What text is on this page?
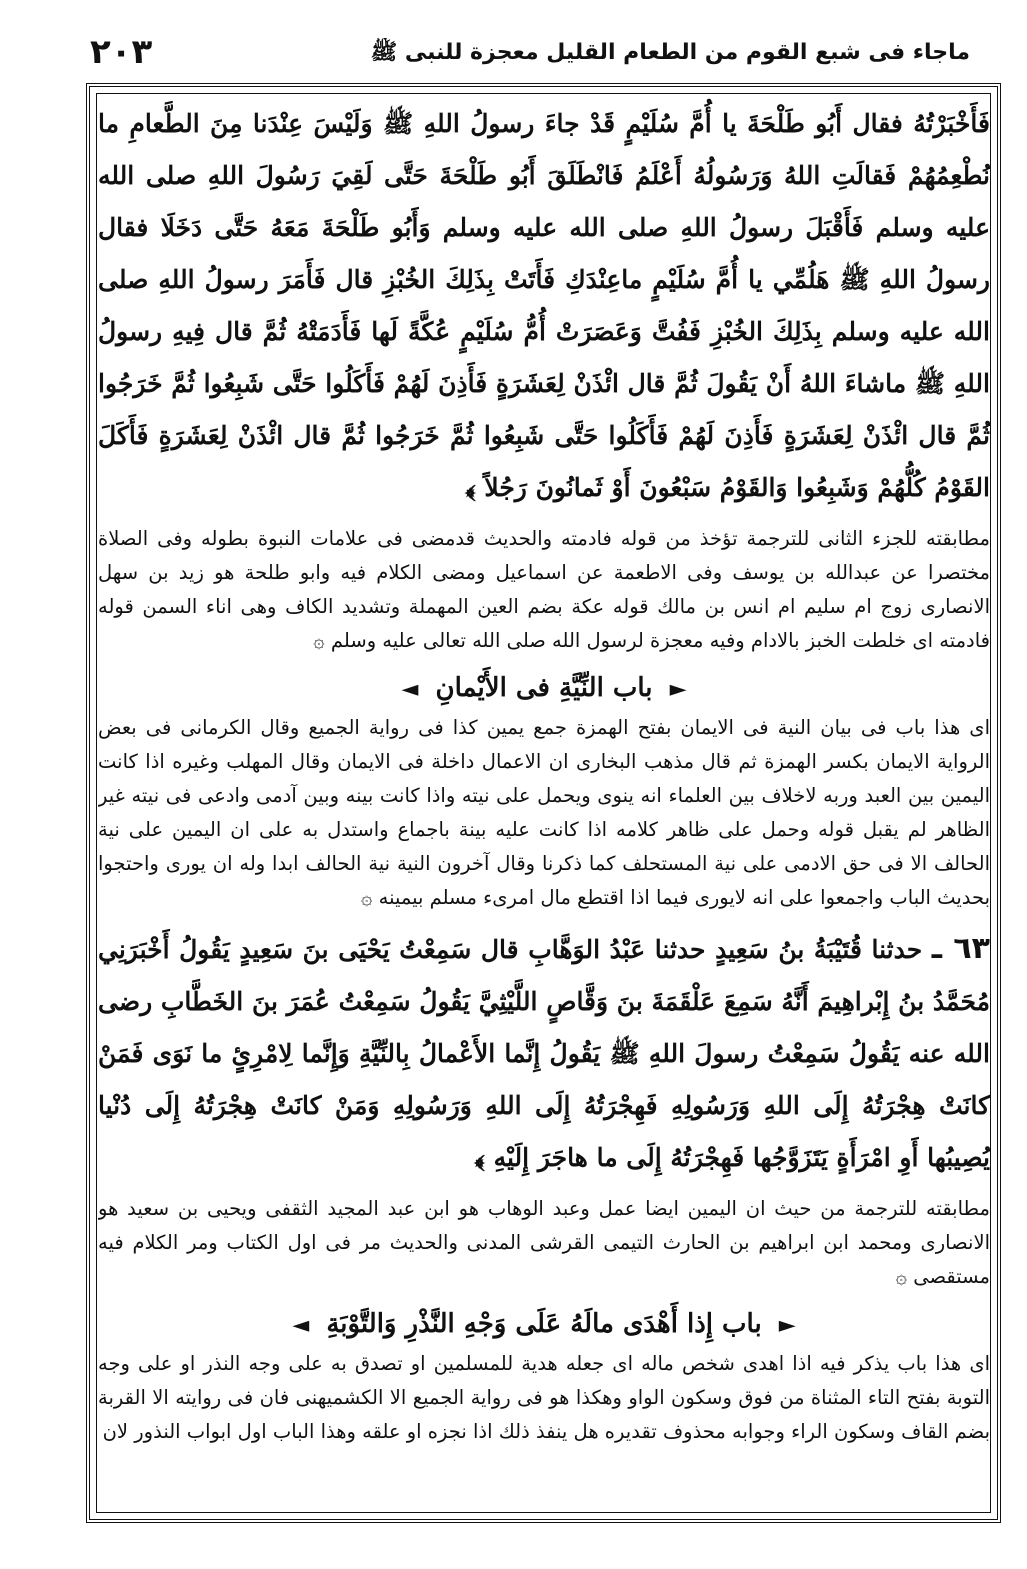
٢٠٣	ماجاء فی شبع القوم من الطعام القلیل معجزة للنبی ﷺ

فَأَخْبَرْتُهُ فقال أَبُو طَلْحَةَ يا أُمَّ سُلَيْمٍ قَدْ جاءَ رسولُ اللهِ ﷺ وَلَيْسَ عِنْدَنا مِنَ الطَّعامِ ما نُطْعِمُهُمْ فَقالَتِ اللهُ وَرَسُولُهُ أَعْلَمُ فَانْطَلَقَ أَبُو طَلْحَةَ حَتَّى لَقِيَ رَسُولَ اللهِ صلى الله عليه وسلم فَأَقْبَلَ رسولُ اللهِ صلى الله عليه وسلم وَأَبُو طَلْحَةَ مَعَهُ حَتَّى دَخَلَا فقال رسولُ اللهِ ﷺ هَلُمِّي يا أُمَّ سُلَيْمٍ ماعِنْدَكِ فَأَتَتْ بِذَلِكَ الخُبْزِ قال فَأَمَرَ رسولُ اللهِ صلى الله عليه وسلم بِذَلِكَ الخُبْزِ فَفُتَّ وَعَصَرَتْ أُمُّ سُلَيْمٍ عُكَّةً لَها فَأَدَمَتْهُ ثُمَّ قال فِيهِ رسولُ اللهِ ﷺ ماشاءَ اللهُ أَنْ يَقُولَ ثُمَّ قال ائْذَنْ لِعَشَرَةٍ فَأَذِنَ لَهُمْ فَأَكَلُوا حَتَّى شَبِعُوا ثُمَّ خَرَجُوا ثُمَّ قال ائْذَنْ لِعَشَرَةٍ فَأَذِنَ لَهُمْ فَأَكَلُوا حَتَّى شَبِعُوا ثُمَّ خَرَجُوا ثُمَّ قال ائْذَنْ لِعَشَرَةٍ فَأَكَلَ القَوْمُ كُلُّهُمْ وَشَبِعُوا وَالقَوْمُ سَبْعُونَ أَوْ ثَمانُونَ رَجُلاً ﴾

مطابقته للجزء الثانی للترجمة تؤخذ من قوله فادمته والحديث قدمضى فى علامات النبوة بطوله وفى الصلاة مختصرا عن عبدالله بن يوسف وفى الاطعمة عن اسماعيل ومضى الكلام فيه وابو طلحة هو زيد بن سهل الانصارى زوج ام سليم ام انس بن مالك قوله عكة بضم العين المهملة وتشديد الكاف وهى اناء السمن قوله فادمته اى خلطت الخبز بالادام وفيه معجزة لرسول الله صلى الله تعالى عليه وسلم ۞

► باب النِّيَّةِ فى الأَيْمانِ ◄

اى هذا باب فى بيان النية فى الايمان بفتح الهمزة جمع يمين كذا فى رواية الجميع وقال الكرمانى فى بعض الرواية الايمان بكسر الهمزة ثم قال مذهب البخارى ان الاعمال داخلة فى الايمان وقال المهلب وغيره اذا كانت اليمين بين العبد وربه لاخلاف بين العلماء انه ينوى ويحمل على نيته واذا كانت بينه وبين آدمى وادعى فى نيته غير الظاهر لم يقبل قوله وحمل على ظاهر كلامه اذا كانت عليه بينة باجماع واستدل به على ان اليمين على نية الحالف الا فى حق الادمى على نية المستحلف كما ذكرنا وقال آخرون النية نية الحالف ابدا وله ان يورى واحتجوا بحديث الباب واجمعوا على انه لايورى فيما اذا اقتطع مال امرىء مسلم بيمينه ۞

٦٣ ـ حدثنا قُتَيْبَةُ بنُ سَعِيدٍ حدثنا عَبْدُ الوَهَّابِ قال سَمِعْتُ يَحْيَى بنَ سَعِيدٍ يَقُولُ أَخْبَرَنِي مُحَمَّدُ بنُ إِبْراهِيمَ أَنَّهُ سَمِعَ عَلْقَمَةَ بنَ وَقَّاصٍ اللَّيْثِيَّ يَقُولُ سَمِعْتُ عُمَرَ بنَ الخَطَّابِ رضى الله عنه يَقُولُ سَمِعْتُ رسولَ اللهِ ﷺ يَقُولُ إِنَّما الأَعْمالُ بِالنِّيَّةِ وَإِنَّما لِامْرِئٍ ما نَوَى فَمَنْ كانَتْ هِجْرَتُهُ إِلَى اللهِ وَرَسُولِهِ فَهِجْرَتُهُ إِلَى اللهِ وَرَسُولِهِ وَمَنْ كانَتْ هِجْرَتُهُ إِلَى دُنْيا يُصِيبُها أَوِ امْرَأَةٍ يَتَزَوَّجُها فَهِجْرَتُهُ إِلَى ما هاجَرَ إِلَيْهِ ﴾

مطابقته للترجمة من حيث ان اليمين ايضا عمل وعبد الوهاب هو ابن عبد المجيد الثقفى ويحيى بن سعيد هو الانصارى ومحمد ابن ابراهيم بن الحارث التيمى القرشى المدنى والحديث مر فى اول الكتاب ومر الكلام فيه مستقصى ۞

► باب إِذا أَهْدَى مالَهُ عَلَى وَجْهِ النَّذْرِ وَالتَّوْبَةِ ◄

اى هذا باب يذكر فيه اذا اهدى شخص ماله اى جعله هدية للمسلمين او تصدق به على وجه النذر او على وجه التوبة بفتح التاء المثناة من فوق وسكون الواو وهكذا هو فى رواية الجميع الا الكشميهنى فان فى روايته الا القربة بضم القاف وسكون الراء وجوابه محذوف تقديره هل ينفذ ذلك اذا نجزه او علقه وهذا الباب اول ابواب النذور لان
